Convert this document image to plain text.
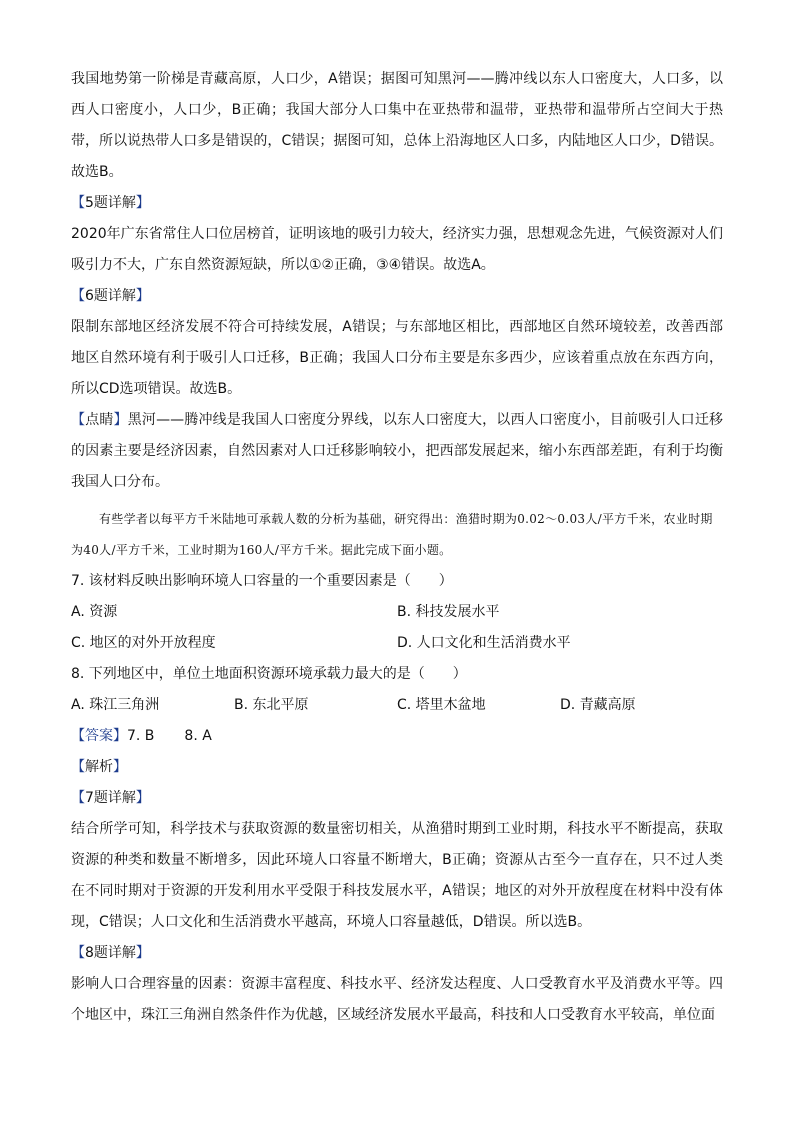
我国地势第一阶梯是青藏高原，人口少，A错误；据图可知黑河——腾冲线以东人口密度大，人口多，以西人口密度小，人口少，B正确；我国大部分人口集中在亚热带和温带，亚热带和温带所占空间大于热带，所以说热带人口多是错误的，C错误；据图可知，总体上沿海地区人口多，内陆地区人口少，D错误。故选B。

【5题详解】

2020年广东省常住人口位居榜首，证明该地的吸引力较大，经济实力强，思想观念先进，气候资源对人们吸引力不大，广东自然资源短缺，所以①②正确，③④错误。故选A。

【6题详解】

限制东部地区经济发展不符合可持续发展，A错误；与东部地区相比，西部地区自然环境较差，改善西部地区自然环境有利于吸引人口迁移，B正确；我国人口分布主要是东多西少，应该着重点放在东西方向，所以CD选项错误。故选B。

【点睛】黑河——腾冲线是我国人口密度分界线，以东人口密度大，以西人口密度小，目前吸引人口迁移的因素主要是经济因素，自然因素对人口迁移影响较小，把西部发展起来，缩小东西部差距，有利于均衡我国人口分布。

有些学者以每平方千米陆地可承载人数的分析为基础，研究得出：渔猎时期为0.02～0.03人/平方千米，农业时期为40人/平方千米，工业时期为160人/平方千米。据此完成下面小题。

7. 该材料反映出影响环境人口容量的一个重要因素是（　　）

A. 资源	B. 科技发展水平
C. 地区的对外开放程度	D. 人口文化和生活消费水平

8. 下列地区中，单位土地面积资源环境承载力最大的是（　　）

A. 珠江三角洲	B. 东北平原	C. 塔里木盆地	D. 青藏高原

【答案】7. B 8. A

【解析】

【7题详解】

结合所学可知，科学技术与获取资源的数量密切相关，从渔猎时期到工业时期，科技水平不断提高，获取资源的种类和数量不断增多，因此环境人口容量不断增大，B正确；资源从古至今一直存在，只不过人类在不同时期对于资源的开发利用水平受限于科技发展水平，A错误；地区的对外开放程度在材料中没有体现，C错误；人口文化和生活消费水平越高，环境人口容量越低，D错误。所以选B。

【8题详解】

影响人口合理容量的因素：资源丰富程度、科技水平、经济发达程度、人口受教育水平及消费水平等。四个地区中，珠江三角洲自然条件作为优越，区域经济发展水平最高，科技和人口受教育水平较高，单位面
